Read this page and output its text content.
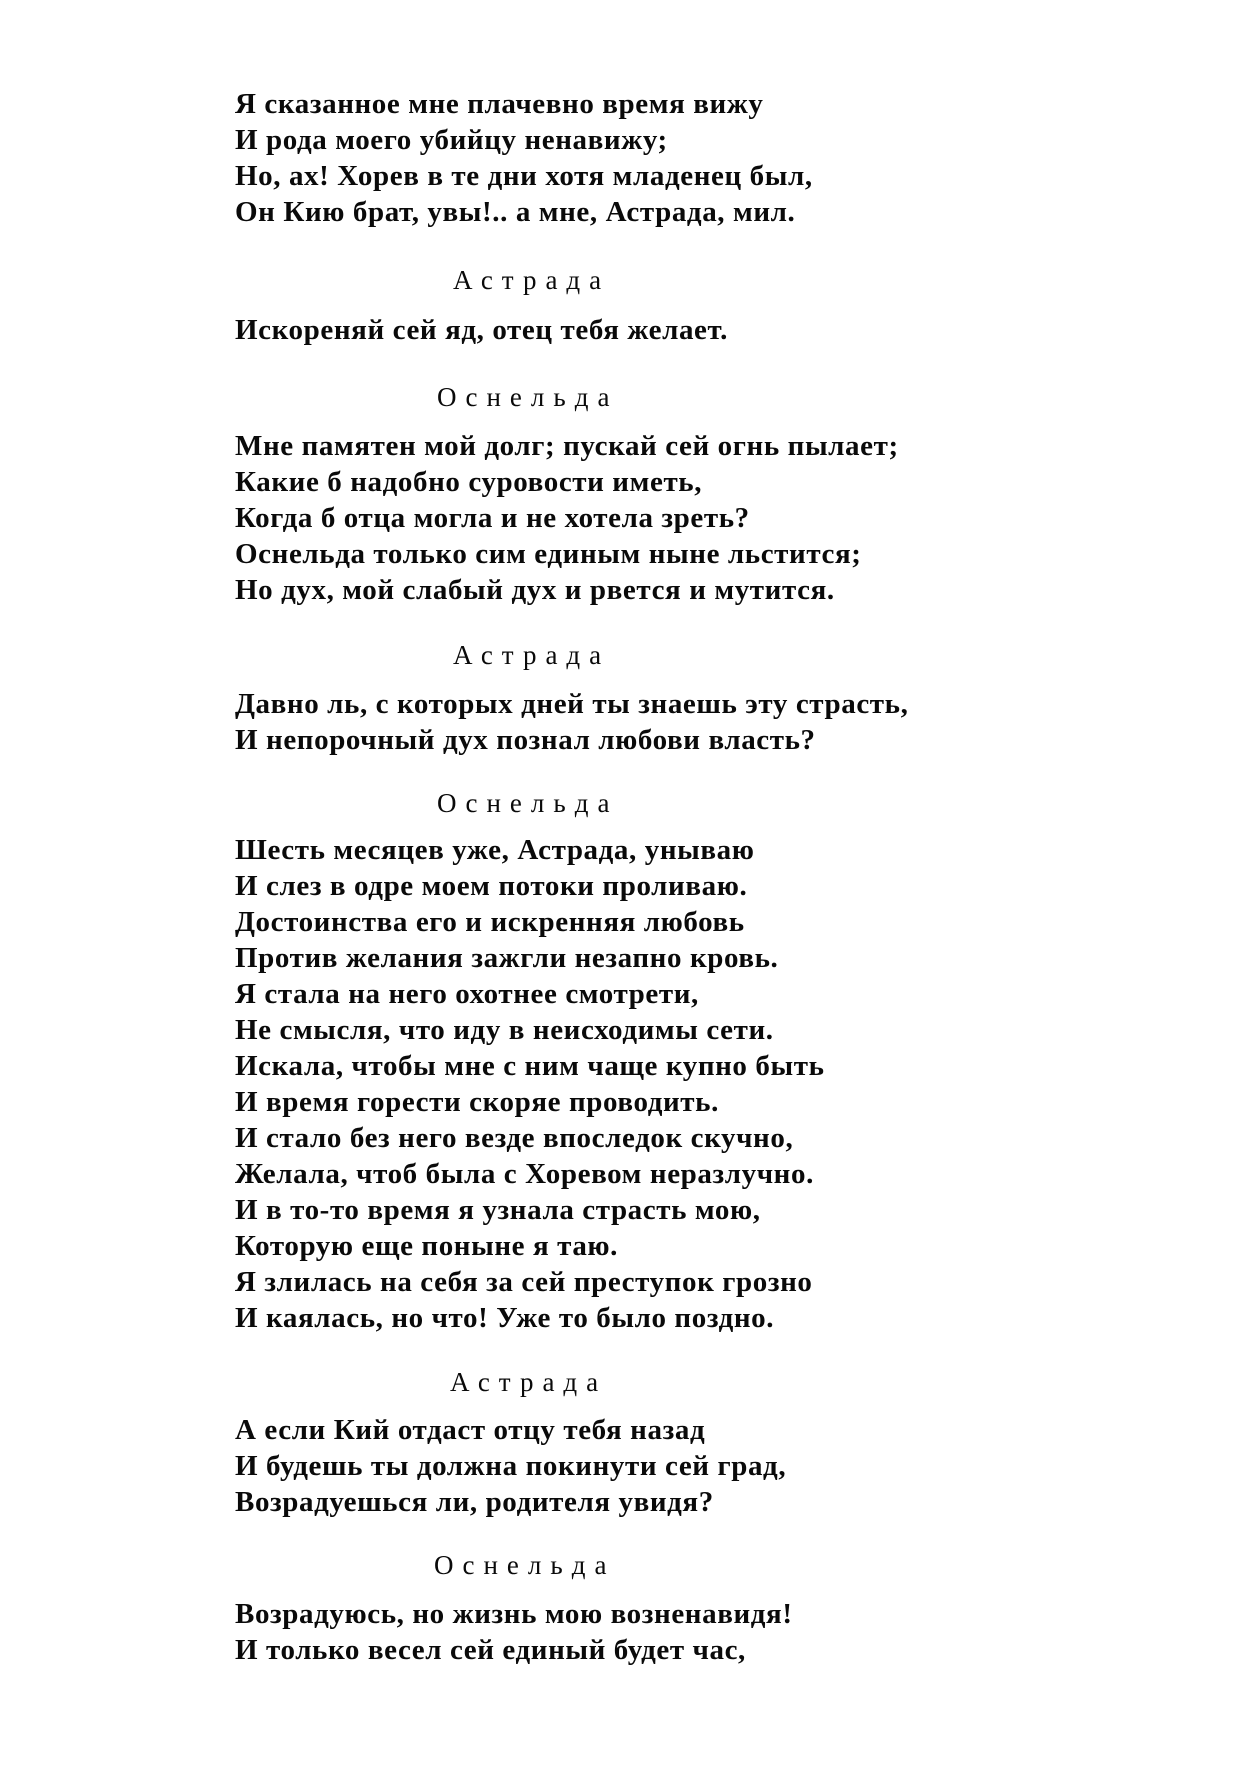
Я сказанное мне плачевно время вижу
И рода моего убийцу ненавижу;
Но, ах! Хорев в те дни хотя младенец был,
Он Кию брат, увы!.. а мне, Астрада, мил.
Астрада
Искореняй сей яд, отец тебя желает.
Оснельда
Мне памятен мой долг; пускай сей огнь пылает;
Какие б надобно суровости иметь,
Когда б отца могла и не хотела зреть?
Оснельда только сим единым ныне льстится;
Но дух, мой слабый дух и рвется и мутится.
Астрада
Давно ль, с которых дней ты знаешь эту страсть,
И непорочный дух познал любови власть?
Оснельда
Шесть месяцев уже, Астрада, унываю
И слез в одре моем потоки проливаю.
Достоинства его и искренняя любовь
Против желания зажгли незапно кровь.
Я стала на него охотнее смотрети,
Не смысля, что иду в неисходимы сети.
Искала, чтобы мне с ним чаще купно быть
И время горести скоряе проводить.
И стало без него везде впоследок скучно,
Желала, чтоб была с Хоревом неразлучно.
И в то-то время я узнала страсть мою,
Которую еще поныне я таю.
Я злилась на себя за сей преступок грозно
И каялась, но что! Уже то было поздно.
Астрада
А если Кий отдаст отцу тебя назад
И будешь ты должна покинути сей град,
Возрадуешься ли, родителя увидя?
Оснельда
Возрадуюсь, но жизнь мою возненавидя!
И только весел сей единый будет час,
